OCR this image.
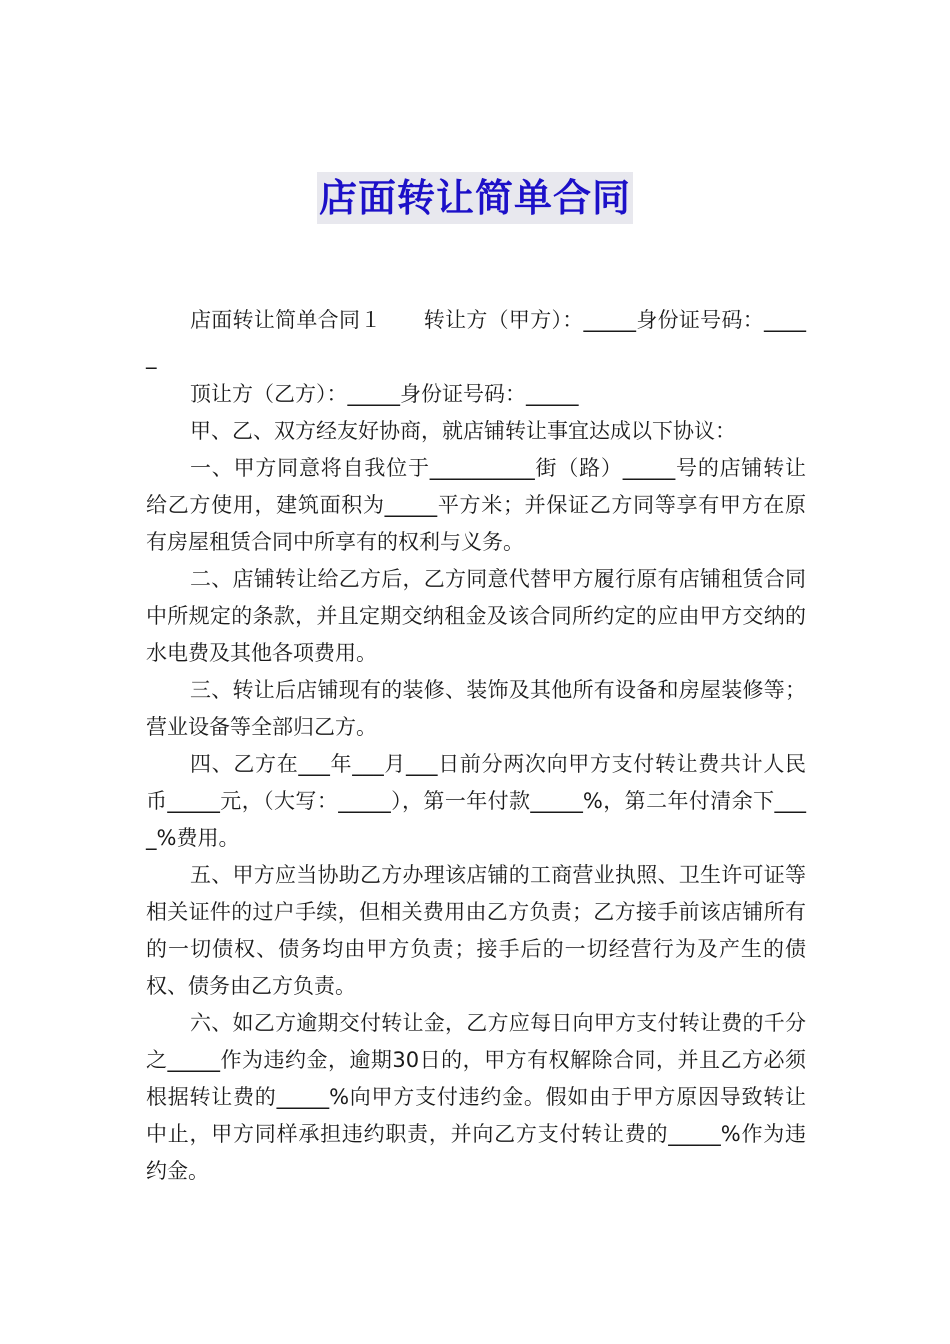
店面转让简单合同

店面转让简单合同１ 转让方（甲方）：_____身份证号码：_____

顶让方（乙方）：_____身份证号码：_____

甲、乙、双方经友好协商，就店铺转让事宜达成以下协议：

一、甲方同意将自我位于__________街（路）_____号的店铺转让给乙方使用，建筑面积为_____平方米；并保证乙方同等享有甲方在原有房屋租赁合同中所享有的权利与义务。

二、店铺转让给乙方后，乙方同意代替甲方履行原有店铺租赁合同中所规定的条款，并且定期交纳租金及该合同所约定的应由甲方交纳的水电费及其他各项费用。

三、转让后店铺现有的装修、装饰及其他所有设备和房屋装修等；营业设备等全部归乙方。

四、乙方在___年___月___日前分两次向甲方支付转让费共计人民币_____元，（大写：_____），第一年付款_____%，第二年付清余下____%费用。

五、甲方应当协助乙方办理该店铺的工商营业执照、卫生许可证等相关证件的过户手续，但相关费用由乙方负责；乙方接手前该店铺所有的一切债权、债务均由甲方负责；接手后的一切经营行为及产生的债权、债务由乙方负责。

六、如乙方逾期交付转让金，乙方应每日向甲方支付转让费的千分之_____作为违约金，逾期30日的，甲方有权解除合同，并且乙方必须根据转让费的_____%向甲方支付违约金。假如由于甲方原因导致转让中止，甲方同样承担违约职责，并向乙方支付转让费的_____%作为违约金。
